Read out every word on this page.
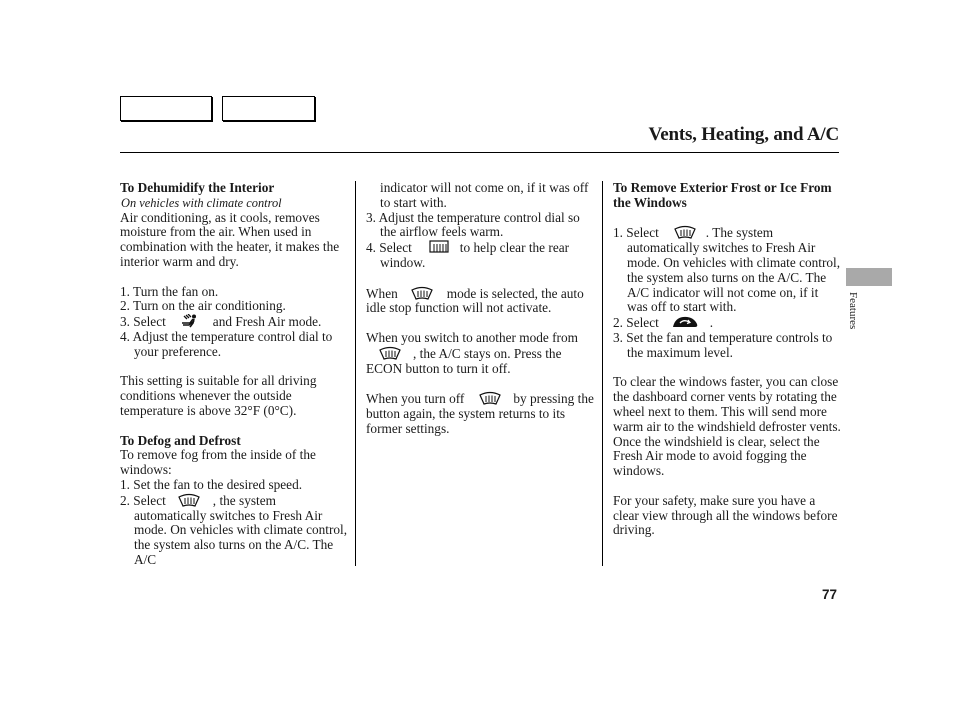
Vents, Heating, and A/C

To Dehumidify the Interior

On vehicles with climate control

Air conditioning, as it cools, removes moisture from the air. When used in combination with the heater, it makes the interior warm and dry.

1. Turn the fan on.

2. Turn on the air conditioning.

3. Select	and Fresh Air mode.

4. Adjust the temperature control dial to your preference.

This setting is suitable for all driving conditions whenever the outside temperature is above 32°F (0°C).

To Defog and Defrost

To remove fog from the inside of the windows:

1. Set the fan to the desired speed.

2. Select	, the system automatically switches to Fresh Air mode. On vehicles with climate control, the system also turns on the A/C. The A/C

indicator will not come on, if it was off to start with.

3. Adjust the temperature control dial so the airflow feels warm.

4. Select	to help clear the rear window.

When	mode is selected, the auto idle stop function will not activate.

When you switch to another mode from
, the A/C stays on. Press the ECON button to turn it off.

When you turn off	by pressing the button again, the system returns to its former settings.

To Remove Exterior Frost or Ice From the Windows

1. Select	. The system automatically switches to Fresh Air mode. On vehicles with climate control, the system also turns on the A/C. The A/C indicator will not come on, if it was off to start with.

2. Select	.

3. Set the fan and temperature controls to the maximum level.

To clear the windows faster, you can close the dashboard corner vents by rotating the wheel next to them. This will send more warm air to the windshield defroster vents. Once the windshield is clear, select the Fresh Air mode to avoid fogging the windows.

For your safety, make sure you have a clear view through all the windows before driving.

Features
77
